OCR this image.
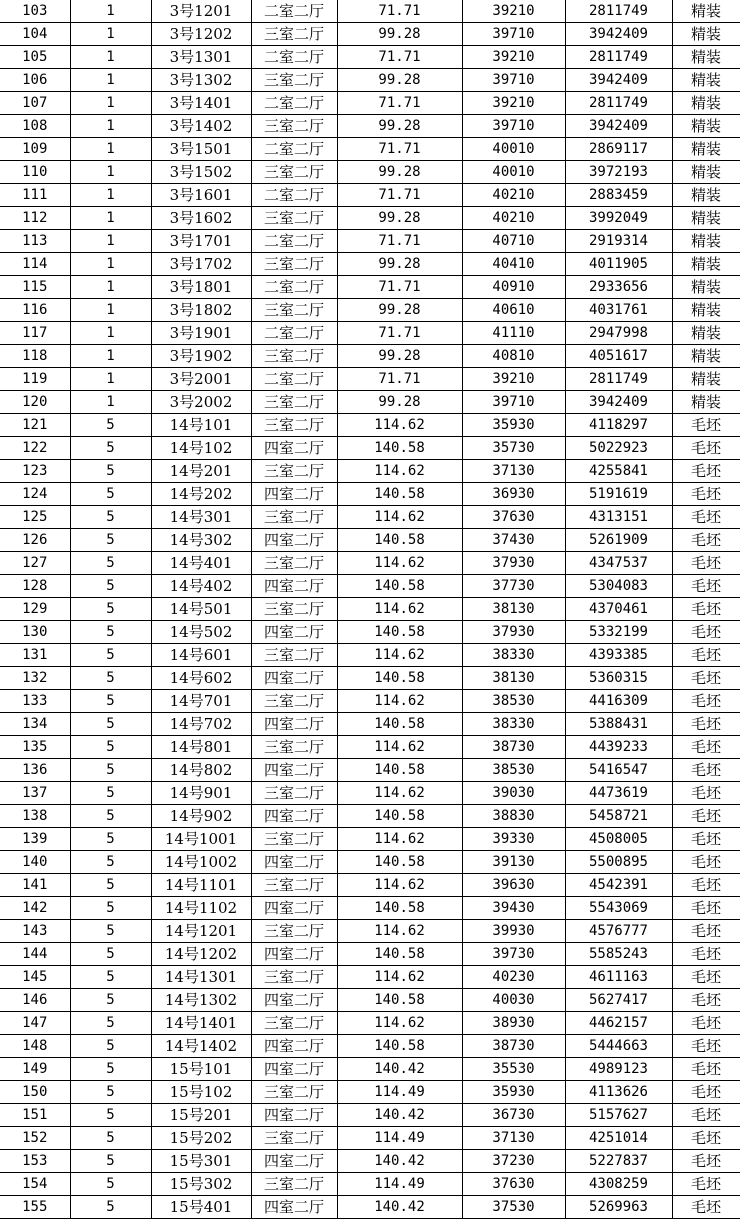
103	1	3号1201	二室二厅	71.71	39210	2811749	精装
104	1	3号1202	三室二厅	99.28	39710	3942409	精装
105	1	3号1301	二室二厅	71.71	39210	2811749	精装
106	1	3号1302	三室二厅	99.28	39710	3942409	精装
107	1	3号1401	二室二厅	71.71	39210	2811749	精装
108	1	3号1402	三室二厅	99.28	39710	3942409	精装
109	1	3号1501	二室二厅	71.71	40010	2869117	精装
110	1	3号1502	三室二厅	99.28	40010	3972193	精装
111	1	3号1601	二室二厅	71.71	40210	2883459	精装
112	1	3号1602	三室二厅	99.28	40210	3992049	精装
113	1	3号1701	二室二厅	71.71	40710	2919314	精装
114	1	3号1702	三室二厅	99.28	40410	4011905	精装
115	1	3号1801	二室二厅	71.71	40910	2933656	精装
116	1	3号1802	三室二厅	99.28	40610	4031761	精装
117	1	3号1901	二室二厅	71.71	41110	2947998	精装
118	1	3号1902	三室二厅	99.28	40810	4051617	精装
119	1	3号2001	二室二厅	71.71	39210	2811749	精装
120	1	3号2002	三室二厅	99.28	39710	3942409	精装
121	5	14号101	三室二厅	114.62	35930	4118297	毛坯
122	5	14号102	四室二厅	140.58	35730	5022923	毛坯
123	5	14号201	三室二厅	114.62	37130	4255841	毛坯
124	5	14号202	四室二厅	140.58	36930	5191619	毛坯
125	5	14号301	三室二厅	114.62	37630	4313151	毛坯
126	5	14号302	四室二厅	140.58	37430	5261909	毛坯
127	5	14号401	三室二厅	114.62	37930	4347537	毛坯
128	5	14号402	四室二厅	140.58	37730	5304083	毛坯
129	5	14号501	三室二厅	114.62	38130	4370461	毛坯
130	5	14号502	四室二厅	140.58	37930	5332199	毛坯
131	5	14号601	三室二厅	114.62	38330	4393385	毛坯
132	5	14号602	四室二厅	140.58	38130	5360315	毛坯
133	5	14号701	三室二厅	114.62	38530	4416309	毛坯
134	5	14号702	四室二厅	140.58	38330	5388431	毛坯
135	5	14号801	三室二厅	114.62	38730	4439233	毛坯
136	5	14号802	四室二厅	140.58	38530	5416547	毛坯
137	5	14号901	三室二厅	114.62	39030	4473619	毛坯
138	5	14号902	四室二厅	140.58	38830	5458721	毛坯
139	5	14号1001	三室二厅	114.62	39330	4508005	毛坯
140	5	14号1002	四室二厅	140.58	39130	5500895	毛坯
141	5	14号1101	三室二厅	114.62	39630	4542391	毛坯
142	5	14号1102	四室二厅	140.58	39430	5543069	毛坯
143	5	14号1201	三室二厅	114.62	39930	4576777	毛坯
144	5	14号1202	四室二厅	140.58	39730	5585243	毛坯
145	5	14号1301	三室二厅	114.62	40230	4611163	毛坯
146	5	14号1302	四室二厅	140.58	40030	5627417	毛坯
147	5	14号1401	三室二厅	114.62	38930	4462157	毛坯
148	5	14号1402	四室二厅	140.58	38730	5444663	毛坯
149	5	15号101	四室二厅	140.42	35530	4989123	毛坯
150	5	15号102	三室二厅	114.49	35930	4113626	毛坯
151	5	15号201	四室二厅	140.42	36730	5157627	毛坯
152	5	15号202	三室二厅	114.49	37130	4251014	毛坯
153	5	15号301	四室二厅	140.42	37230	5227837	毛坯
154	5	15号302	三室二厅	114.49	37630	4308259	毛坯
155	5	15号401	四室二厅	140.42	37530	5269963	毛坯
